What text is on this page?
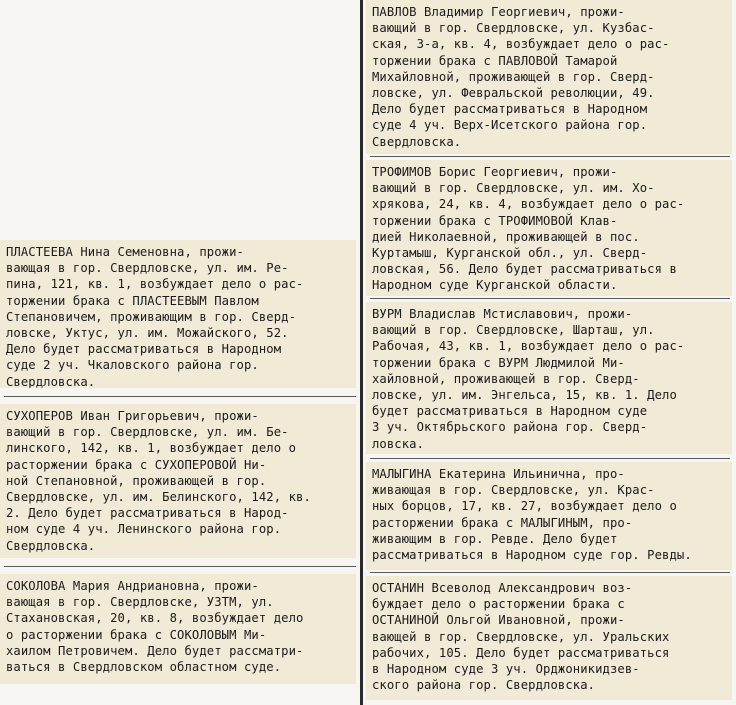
ПЛАСТЕЕВА Нина Семеновна, прожи-
вающая в гор. Свердловске, ул. им. Ре-
пина, 121, кв. 1, возбуждает дело о рас-
торжении брака с ПЛАСТЕЕВЫМ Павлом
Степановичем, проживающим в гор. Сверд-
ловске, Уктус, ул. им. Можайского, 52.
Дело будет рассматриваться в Народном
суде 2 уч. Чкаловского района гор.
Свердловска.

СУХОПЕРОВ Иван Григорьевич, прожи-
вающий в гор. Свердловске, ул. им. Бе-
линского, 142, кв. 1, возбуждает дело о
расторжении брака с СУХОПЕРОВОЙ Ни-
ной Степановной, проживающей в гор.
Свердловске, ул. им. Белинского, 142, кв.
2. Дело будет рассматриваться в Народ-
ном суде 4 уч. Ленинского района гор.
Свердловска.

СОКОЛОВА Мария Андриановна, прожи-
вающая в гор. Свердловске, УЗТМ, ул.
Стахановская, 20, кв. 8, возбуждает дело
о расторжении брака с СОКОЛОВЫМ Ми-
хаилом Петровичем. Дело будет рассматри-
ваться в Свердловском областном суде.

ПАВЛОВ Владимир Георгиевич, прожи-
вающий в гор. Свердловске, ул. Кузбас-
ская, 3-а, кв. 4, возбуждает дело о рас-
торжении брака с ПАВЛОВОЙ Тамарой
Михайловной, проживающей в гор. Сверд-
ловске, ул. Февральской революции, 49.
Дело будет рассматриваться в Народном
суде 4 уч. Верх-Исетского района гор.
Свердловска.

ТРОФИМОВ Борис Георгиевич, прожи-
вающий в гор. Свердловске, ул. им. Хо-
хрякова, 24, кв. 4, возбуждает дело о рас-
торжении брака с ТРОФИМОВОЙ Клав-
дией Николаевной, проживающей в пос.
Куртамыш, Курганской обл., ул. Сверд-
ловская, 56. Дело будет рассматриваться в
Народном суде Курганской области.

ВУРМ Владислав Мстиславович, прожи-
вающий в гор. Свердловске, Шарташ, ул.
Рабочая, 43, кв. 1, возбуждает дело о рас-
торжении брака с ВУРМ Людмилой Ми-
хайловной, проживающей в гор. Сверд-
ловске, ул. им. Энгельса, 15, кв. 1. Дело
будет рассматриваться в Народном суде
3 уч. Октябрьского района гор. Сверд-
ловска.

МАЛЫГИНА Екатерина Ильинична, про-
живающая в гор. Свердловске, ул. Крас-
ных борцов, 17, кв. 27, возбуждает дело о
расторжении брака с МАЛЫГИНЫМ, про-
живающим в гор. Ревде. Дело будет
рассматриваться в Народном суде гор. Ревды.

ОСТАНИН Всеволод Александрович воз-
буждает дело о расторжении брака с
ОСТАНИНОЙ Ольгой Ивановной, прожи-
вающей в гор. Свердловске, ул. Уральских
рабочих, 105. Дело будет рассматриваться
в Народном суде 3 уч. Орджоникидзев-
ского района гор. Свердловска.
